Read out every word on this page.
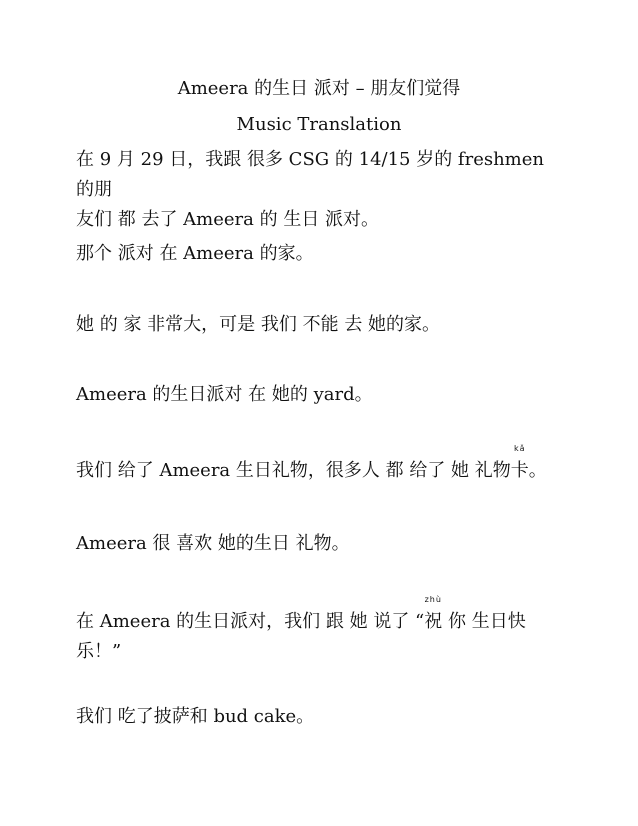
Ameera 的生日 派对 – 朋友们觉得
Music Translation
在 9 月 29 日，我跟 很多 CSG 的 14/15 岁的 freshmen 的朋
友们 都 去了 Ameera 的 生日 派对。
那个 派对 在 Ameera 的家。
她 的 家 非常大，可是 我们 不能 去 她的家。
Ameera 的生日派对 在 她的 yard。
我们 给了 Ameera 生日礼物，很多人 都 给了 她 礼物
kǎ
卡。
Ameera 很 喜欢 她的生日 礼物。
在 Ameera 的生日派对，我们 跟 她 说了 “
zhù
祝 你 生日快
乐！”
我们 吃了披萨和 bud cake。
